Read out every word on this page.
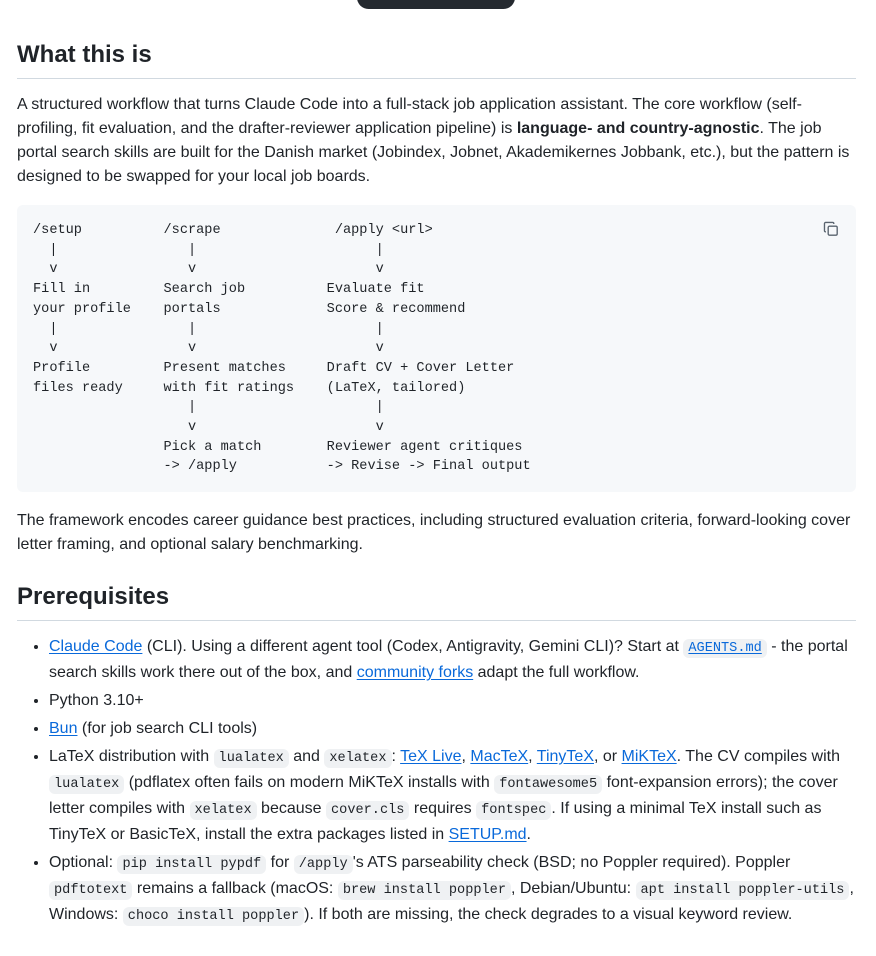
What this is

A structured workflow that turns Claude Code into a full-stack job application assistant. The core workflow (self-profiling, fit evaluation, and the drafter-reviewer application pipeline) is language- and country-agnostic. The job portal search skills are built for the Danish market (Jobindex, Jobnet, Akademikernes Jobbank, etc.), but the pattern is designed to be swapped for your local job boards.

/setup          /scrape              /apply <url>
|                |                      |
v                v                      v
Fill in         Search job          Evaluate fit
your profile    portals             Score & recommend
|                |                      |
v                v                      v
Profile         Present matches     Draft CV + Cover Letter
files ready     with fit ratings    (LaTeX, tailored)
|                      |
v                      v
Pick a match        Reviewer agent critiques
-> /apply           -> Revise -> Final output

The framework encodes career guidance best practices, including structured evaluation criteria, forward-looking cover letter framing, and optional salary benchmarking.

Prerequisites
• Claude Code (CLI). Using a different agent tool (Codex, Antigravity, Gemini CLI)? Start at AGENTS.md - the portal search skills work there out of the box, and community forks adapt the full workflow.
• Python 3.10+
• Bun (for job search CLI tools)
• LaTeX distribution with lualatex and xelatex : TeX Live, MacTeX, TinyTeX, or MiKTeX. The CV compiles with lualatex (pdflatex often fails on modern MiKTeX installs with fontawesome5 font-expansion errors); the cover letter compiles with xelatex because cover.cls requires fontspec . If using a minimal TeX install such as TinyTeX or BasicTeX, install the extra packages listed in SETUP.md.
• Optional: pip install pypdf for /apply 's ATS parseability check (BSD; no Poppler required). Poppler pdftotext remains a fallback (macOS: brew install poppler , Debian/Ubuntu: apt install poppler-utils , Windows: choco install poppler ). If both are missing, the check degrades to a visual keyword review.
